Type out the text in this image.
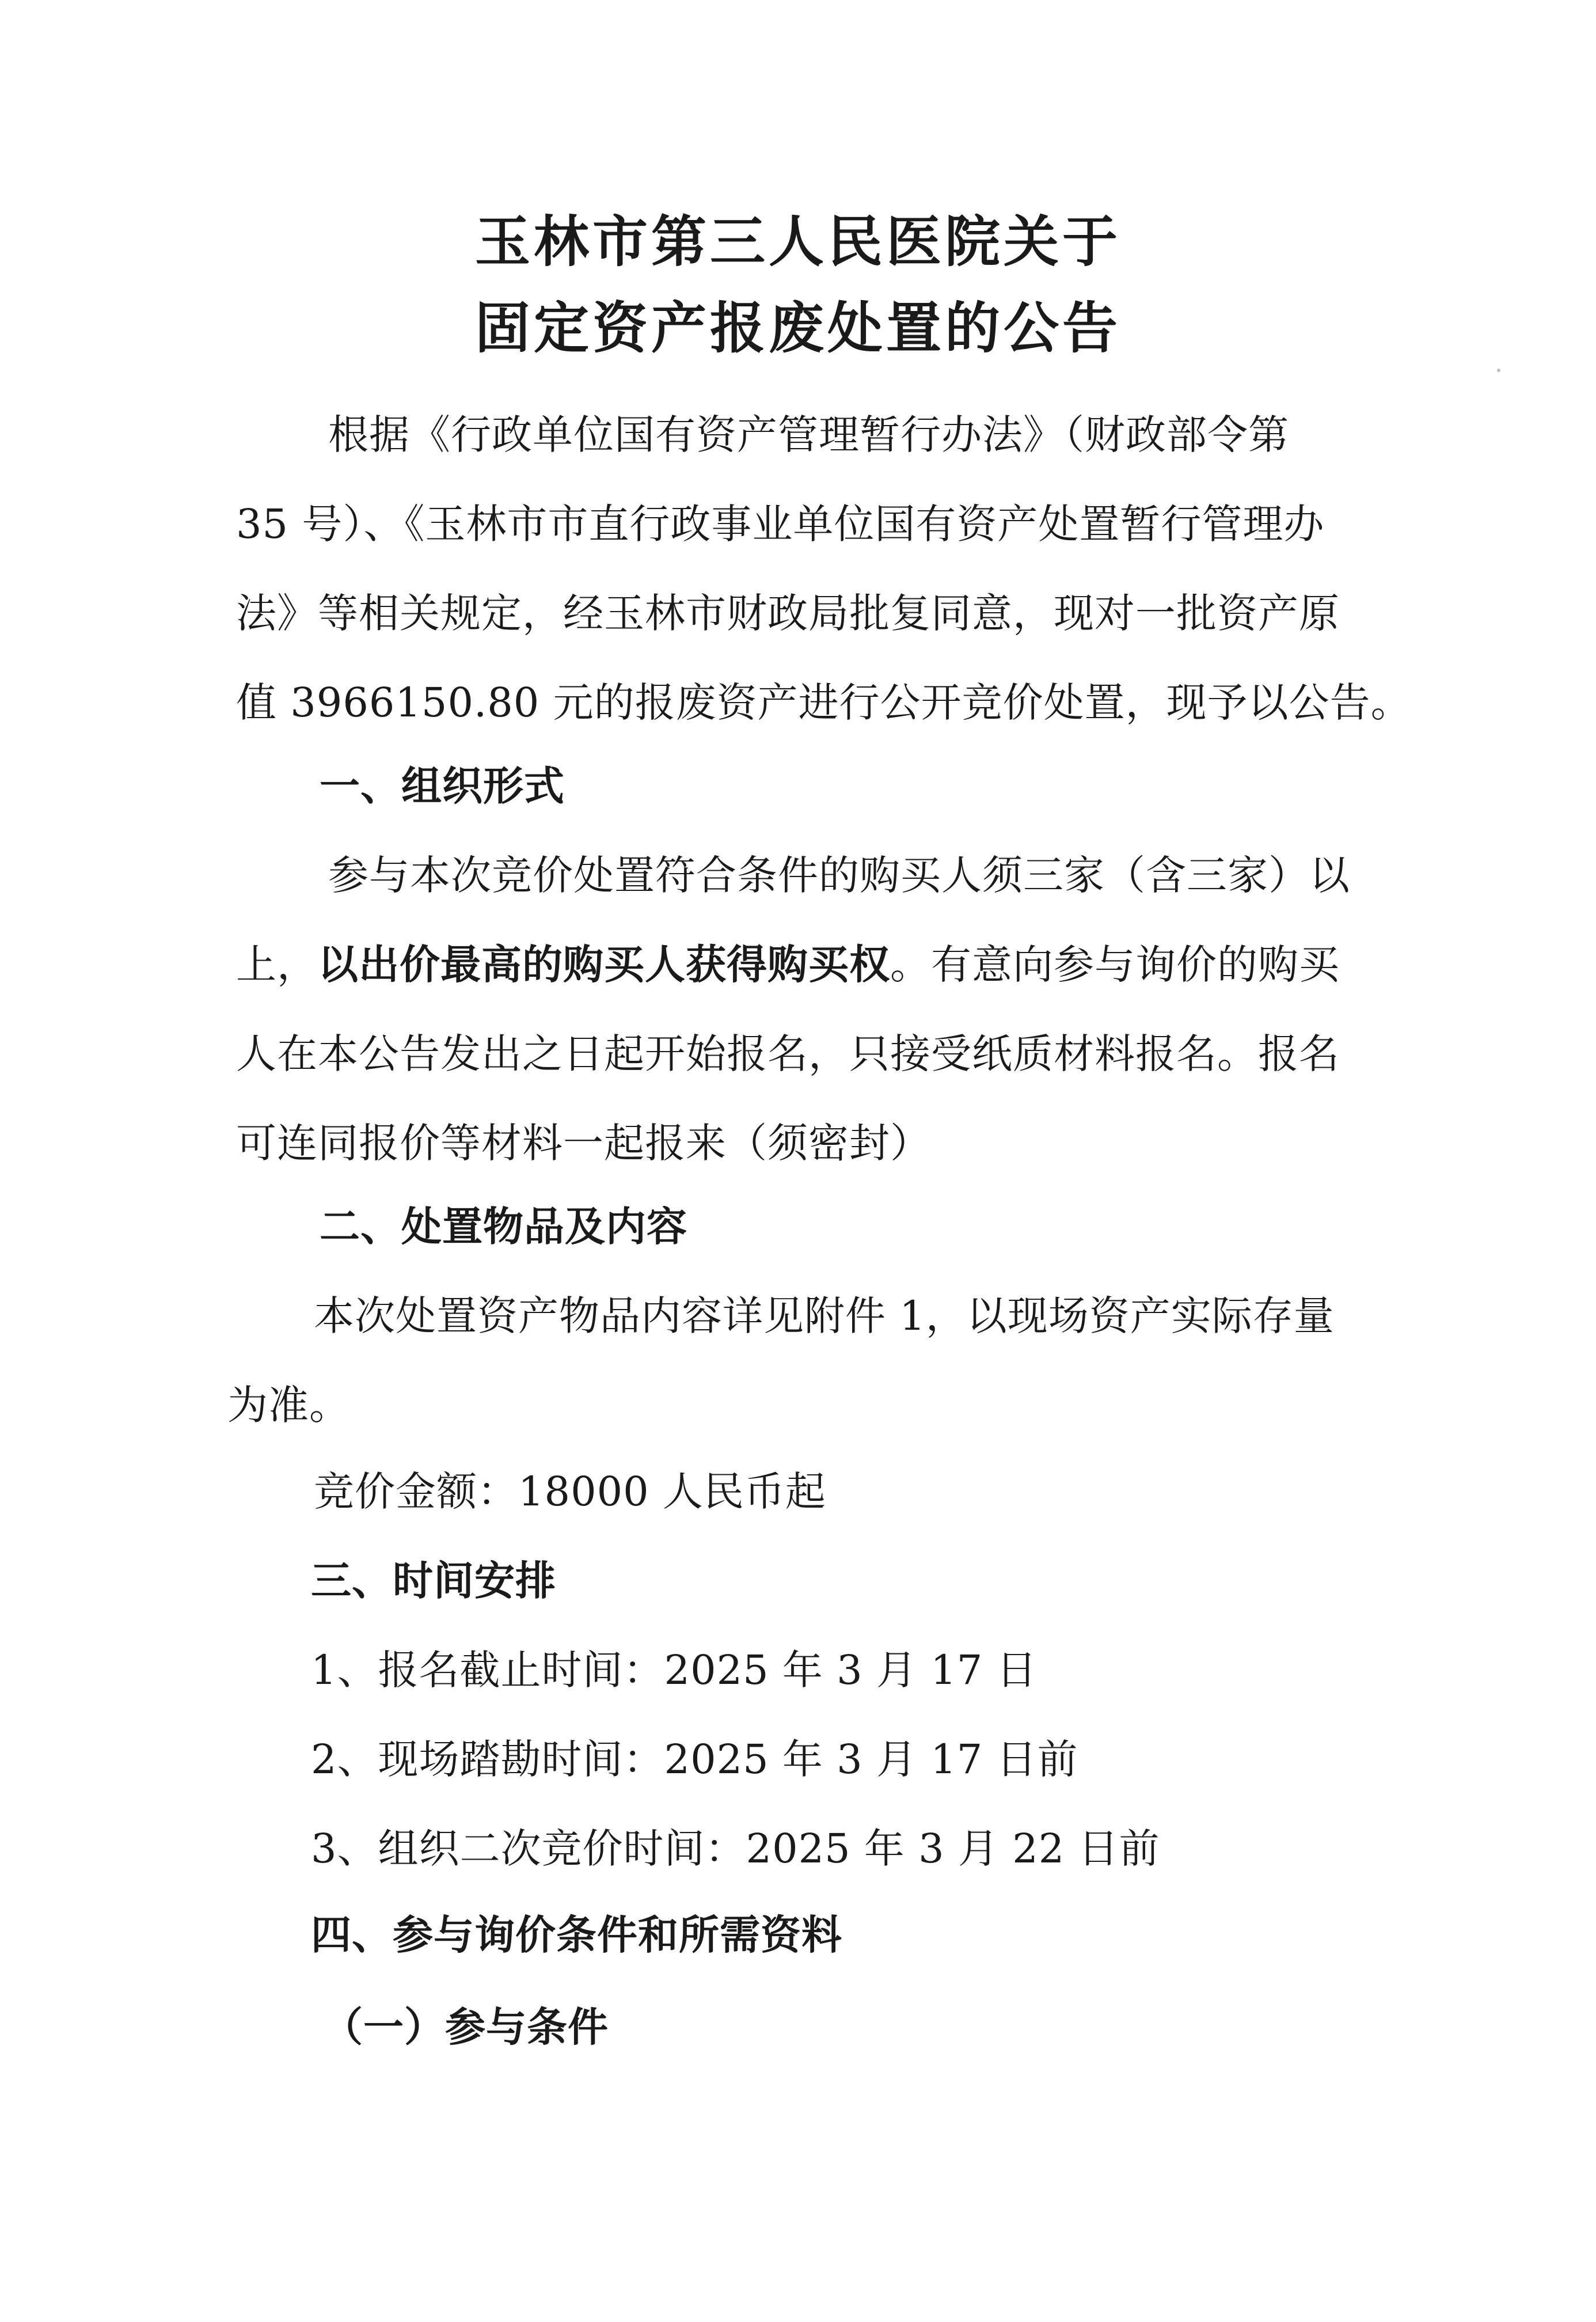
玉林市第三人民医院关于
固定资产报废处置的公告
根据《行政单位国有资产管理暂行办法》（财政部令第
35 号）、《玉林市市直行政事业单位国有资产处置暂行管理办
法》等相关规定，经玉林市财政局批复同意，现对一批资产原
值 3966150.80 元的报废资产进行公开竞价处置，现予以公告。
一、组织形式
参与本次竞价处置符合条件的购买人须三家（含三家）以
上，以出价最高的购买人获得购买权。有意向参与询价的购买
人在本公告发出之日起开始报名，只接受纸质材料报名。报名
可连同报价等材料一起报来（须密封）
二、处置物品及内容
本次处置资产物品内容详见附件 1，以现场资产实际存量
为准。
竞价金额：18000 人民币起
三、时间安排
1、报名截止时间：2025 年 3 月 17 日
2、现场踏勘时间：2025 年 3 月 17 日前
3、组织二次竞价时间：2025 年 3 月 22 日前
四、参与询价条件和所需资料
（一）参与条件
